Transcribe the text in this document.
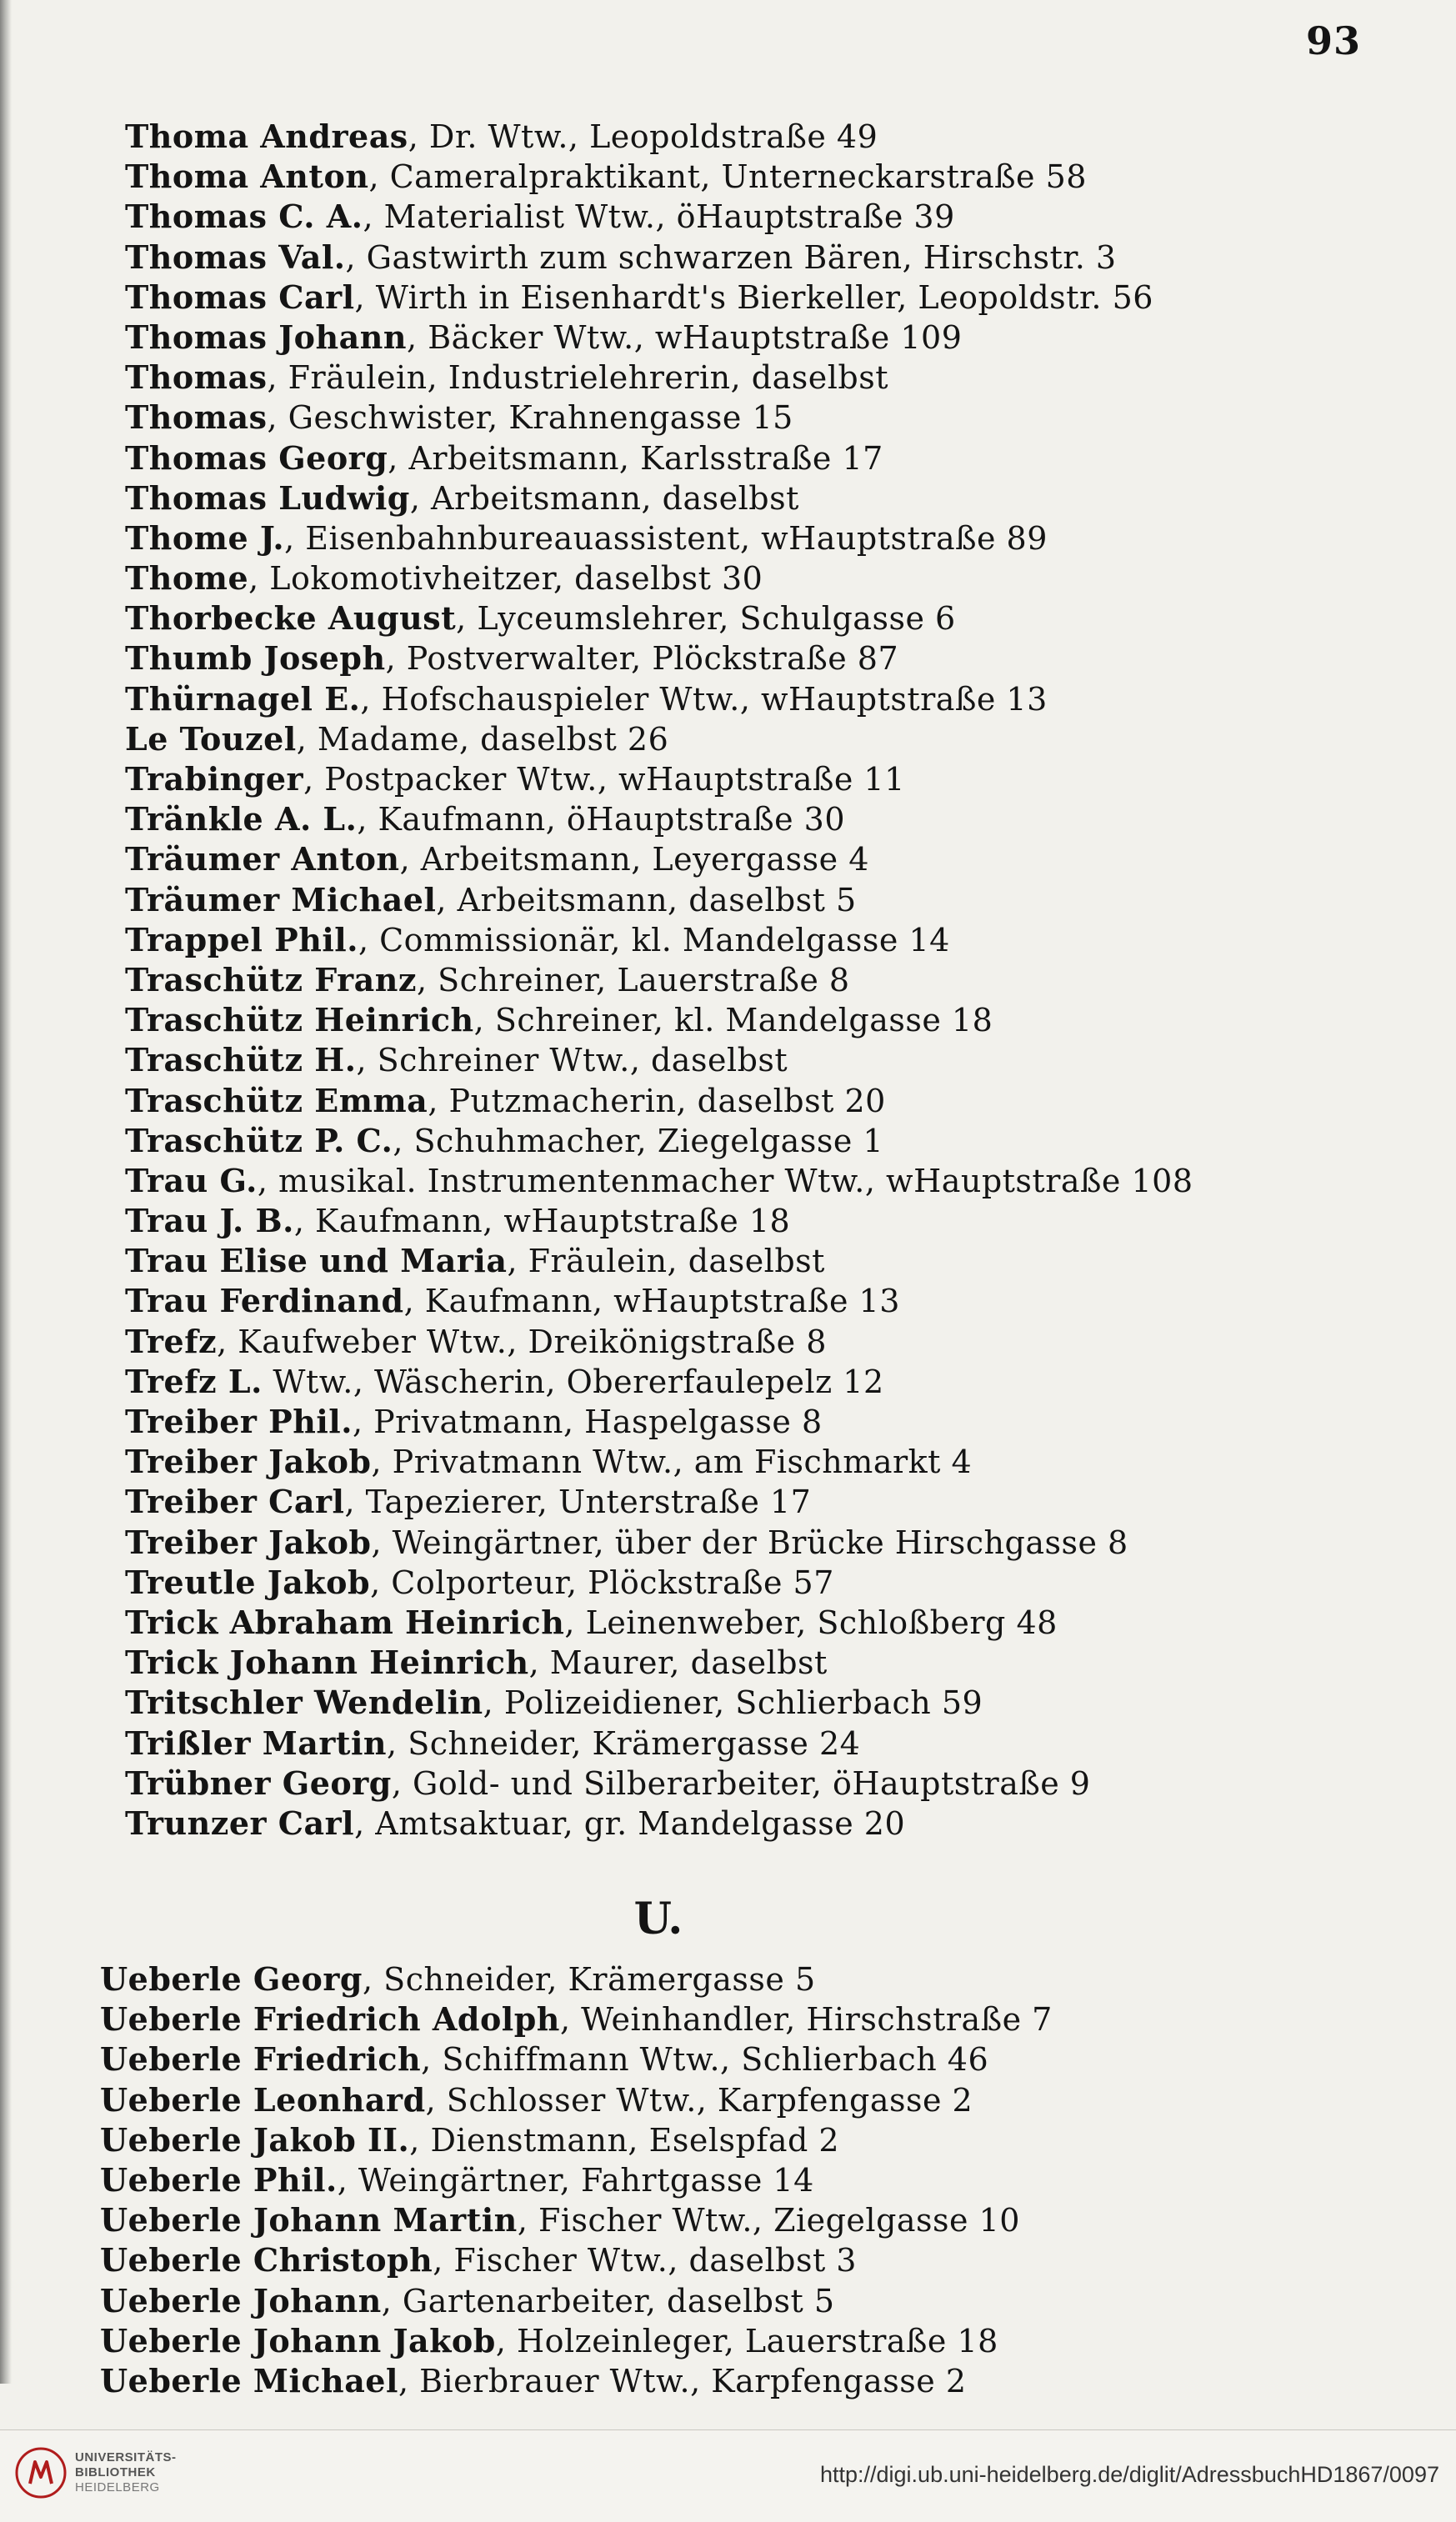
93
Thoma Andreas, Dr. Wtw., Leopoldstraße 49
Thoma Anton, Cameralpraktikant, Unterneckarstraße 58
Thomas C. A., Materialist Wtw., öHauptstraße 39
Thomas Val., Gastwirth zum schwarzen Bären, Hirschstr. 3
Thomas Carl, Wirth in Eisenhardt's Bierkeller, Leopoldstr. 56
Thomas Johann, Bäcker Wtw., wHauptstraße 109
Thomas, Fräulein, Industrielehrerin, daselbst
Thomas, Geschwister, Krahnengasse 15
Thomas Georg, Arbeitsmann, Karlsstraße 17
Thomas Ludwig, Arbeitsmann, daselbst
Thome J., Eisenbahnbureauassistent, wHauptstraße 89
Thome, Lokomotivheitzer, daselbst 30
Thorbecke August, Lyceumslehrer, Schulgasse 6
Thumb Joseph, Postverwalter, Plöckstraße 87
Thürnagel E., Hofschauspieler Wtw., wHauptstraße 13
Le Touzel, Madame, daselbst 26
Trabinger, Postpacker Wtw., wHauptstraße 11
Tränkle A. L., Kaufmann, öHauptstraße 30
Träumer Anton, Arbeitsmann, Leyergasse 4
Träumer Michael, Arbeitsmann, daselbst 5
Trappel Phil., Commissionär, kl. Mandelgasse 14
Traschütz Franz, Schreiner, Lauerstraße 8
Traschütz Heinrich, Schreiner, kl. Mandelgasse 18
Traschütz H., Schreiner Wtw., daselbst
Traschütz Emma, Putzmacherin, daselbst 20
Traschütz P. C., Schuhmacher, Ziegelgasse 1
Trau G., musikal. Instrumentenmacher Wtw., wHauptstraße 108
Trau J. B., Kaufmann, wHauptstraße 18
Trau Elise und Maria, Fräulein, daselbst
Trau Ferdinand, Kaufmann, wHauptstraße 13
Trefz, Kaufweber Wtw., Dreikönigstraße 8
Trefz L. Wtw., Wäscherin, Obererfaulepelz 12
Treiber Phil., Privatmann, Haspelgasse 8
Treiber Jakob, Privatmann Wtw., am Fischmarkt 4
Treiber Carl, Tapezierer, Unterstraße 17
Treiber Jakob, Weingärtner, über der Brücke Hirschgasse 8
Treutle Jakob, Colporteur, Plöckstraße 57
Trick Abraham Heinrich, Leinenweber, Schloßberg 48
Trick Johann Heinrich, Maurer, daselbst
Tritschler Wendelin, Polizeidiener, Schlierbach 59
Trißler Martin, Schneider, Krämergasse 24
Trübner Georg, Gold- und Silberarbeiter, öHauptstraße 9
Trunzer Carl, Amtsaktuar, gr. Mandelgasse 20
U.
Ueberle Georg, Schneider, Krämergasse 5
Ueberle Friedrich Adolph, Weinhandler, Hirschstraße 7
Ueberle Friedrich, Schiffmann Wtw., Schlierbach 46
Ueberle Leonhard, Schlosser Wtw., Karpfengasse 2
Ueberle Jakob II., Dienstmann, Eselspfad 2
Ueberle Phil., Weingärtner, Fahrtgasse 14
Ueberle Johann Martin, Fischer Wtw., Ziegelgasse 10
Ueberle Christoph, Fischer Wtw., daselbst 3
Ueberle Johann, Gartenarbeiter, daselbst 5
Ueberle Johann Jakob, Holzeinleger, Lauerstraße 18
Ueberle Michael, Bierbrauer Wtw., Karpfengasse 2
UNIVERSITÄTS-
BIBLIOTHEK
HEIDELBERG
http://digi.ub.uni-heidelberg.de/diglit/AdressbuchHD1867/0097
